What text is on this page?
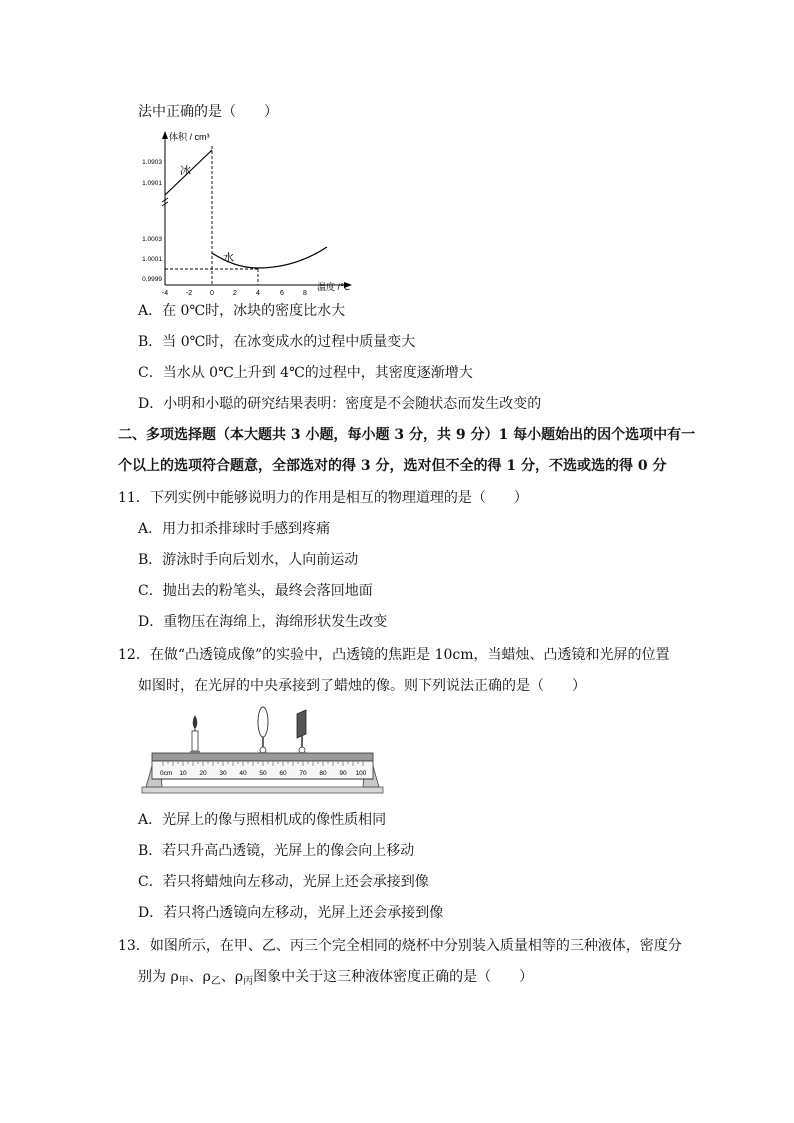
法中正确的是（　　）
体积 / cm³
1.0903
1.0901
1.0003
1.0001
0.9999
-4	-2	0	2	4	6	8
温度 /℃
冰
水
A．在 0℃时，冰块的密度比水大
B．当 0℃时，在冰变成水的过程中质量变大
C．当水从 0℃上升到 4℃的过程中，其密度逐渐增大
D．小明和小聪的研究结果表明：密度是不会随状态而发生改变的
二、多项选择题（本大题共 3 小题，每小题 3 分，共 9 分）1 每小题始出的因个选项中有一
个以上的选项符合题意，全部选对的得 3 分，选对但不全的得 1 分，不选或选的得 0 分
11．下列实例中能够说明力的作用是相互的物理道理的是（　　）
A．用力扣杀排球时手感到疼痛
B．游泳时手向后划水，人向前运动
C．抛出去的粉笔头，最终会落回地面
D．重物压在海绵上，海绵形状发生改变
12．在做“凸透镜成像”的实验中，凸透镜的焦距是 10cm，当蜡烛、凸透镜和光屏的位置
如图时，在光屏的中央承接到了蜡烛的像。则下列说法正确的是（　　）
0cm 10 20 30 40 50 60 70 80 90 100
A．光屏上的像与照相机成的像性质相同
B．若只升高凸透镜，光屏上的像会向上移动
C．若只将蜡烛向左移动，光屏上还会承接到像
D．若只将凸透镜向左移动，光屏上还会承接到像
13．如图所示，在甲、乙、丙三个完全相同的烧杯中分别装入质量相等的三种液体，密度分
别为 $\rho_甲$、$\rho_乙$、$\rho_丙$图象中关于这三种液体密度正确的是（　　）
